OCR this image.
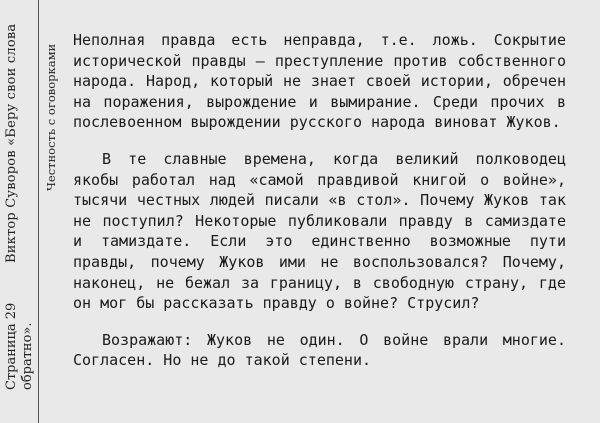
Виктор Суворов «Беру свои слова
Страница 29 обратно».
Честность с оговорками

Неполная правда есть неправда, т.е. ложь. Сокрытие исторической правды — преступление против собственного народа. Народ, который не знает своей истории, обречен на поражения, вырождение и вымирание. Среди прочих в послевоенном вырождении русского народа виноват Жуков.

В те славные времена, когда великий полководец якобы работал над «самой правдивой книгой о войне», тысячи честных людей писали «в стол». Почему Жуков так не поступил? Некоторые публиковали правду в самиздате и тамиздате. Если это единственно возможные пути правды, почему Жуков ими не воспользовался? Почему, наконец, не бежал за границу, в свободную страну, где он мог бы рассказать правду о войне? Струсил?

Возражают: Жуков не один. О войне врали многие. Согласен. Но не до такой степени.
